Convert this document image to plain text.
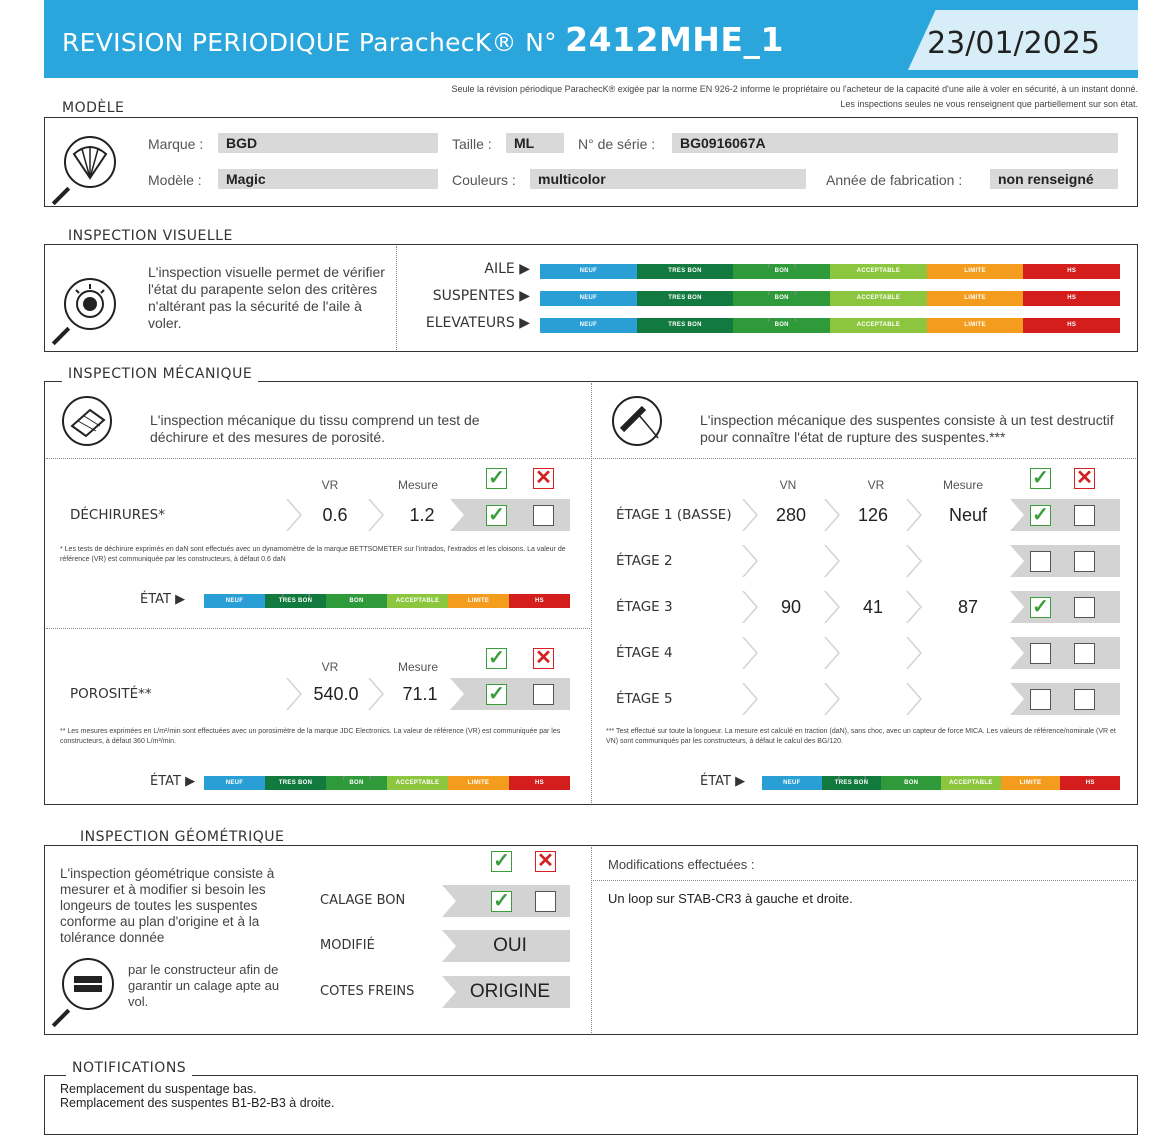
REVISION PERIODIQUE ParachecK® N° 2412MHE_1	23/01/2025
Seule la révision périodique ParachecK® exigée par la norme EN 926-2 informe le propriétaire ou l'acheteur de la capacité d'une aile à voler en sécurité, à un instant donné.
Les inspections seules ne vous renseignent que partiellement sur son état.
MODÈLE
Marque :	BGD	Taille :	ML	N° de série :	BG0916067A
Modèle :	Magic	Couleurs :	multicolor	Année de fabrication :	non renseigné
INSPECTION VISUELLE
L'inspection visuelle permet de vérifier l'état du parapente selon des critères n'altérant pas la sécurité de l'aile à voler.
AILE ▶	NEUF	TRES BON	BON	ACCEPTABLE	LIMITE	HS
SUSPENTES ▶	NEUF	TRES BON	BON	ACCEPTABLE	LIMITE	HS
ELEVATEURS ▶	NEUF	TRES BON	BON	ACCEPTABLE	LIMITE	HS
INSPECTION MÉCANIQUE
L'inspection mécanique du tissu comprend un test de déchirure et des mesures de porosité.
L'inspection mécanique des suspentes consiste à un test destructif pour connaître l'état de rupture des suspentes.***
VR	Mesure	✓ ✕
DÉCHIRURES*	0.6	1.2	✓
* Les tests de déchirure exprimés en daN sont effectués avec un dynamomètre de la marque BETTSOMETER sur l'intrados, l'extrados et les cloisons. La valeur de référence (VR) est communiquée par les constructeurs, à défaut 0.6 daN
ÉTAT ▶	NEUF	TRES BON	BON	ACCEPTABLE	LIMITE	HS
VR	Mesure	✓ ✕
POROSITÉ**	540.0	71.1	✓
** Les mesures exprimées en L/m²/min sont effectuées avec un porosimètre de la marque JDC Electronics. La valeur de référence (VR) est communiquée par les constructeurs, à défaut 360 L/m²/min.
ÉTAT ▶	NEUF	TRES BON	BON	ACCEPTABLE	LIMITE	HS
VN	VR	Mesure	✓ ✕
ÉTAGE 1 (BASSE)	280	126	Neuf	✓
ÉTAGE 2
ÉTAGE 3	90	41	87	✓
ÉTAGE 4
ÉTAGE 5
*** Test effectué sur toute la longueur. La mesure est calculé en traction (daN), sans choc, avec un capteur de force MICA. Les valeurs de référence/nominale (VR et VN) sont communiqués par les constructeurs, à défaut le calcul des BG/120.
ÉTAT ▶	NEUF	TRES BON	BON	ACCEPTABLE	LIMITE	HS
INSPECTION GÉOMÉTRIQUE
L'inspection géométrique consiste à mesurer et à modifier si besoin les longeurs de toutes les suspentes conforme au plan d'origine et à la tolérance donnée
par le constructeur afin de garantir un calage apte au vol.
✓ ✕
CALAGE BON	✓
MODIFIÉ	OUI
COTES FREINS	ORIGINE
Modifications effectuées :
Un loop sur STAB-CR3 à gauche et droite.
NOTIFICATIONS
Remplacement du suspentage bas.
Remplacement des suspentes B1-B2-B3 à droite.
